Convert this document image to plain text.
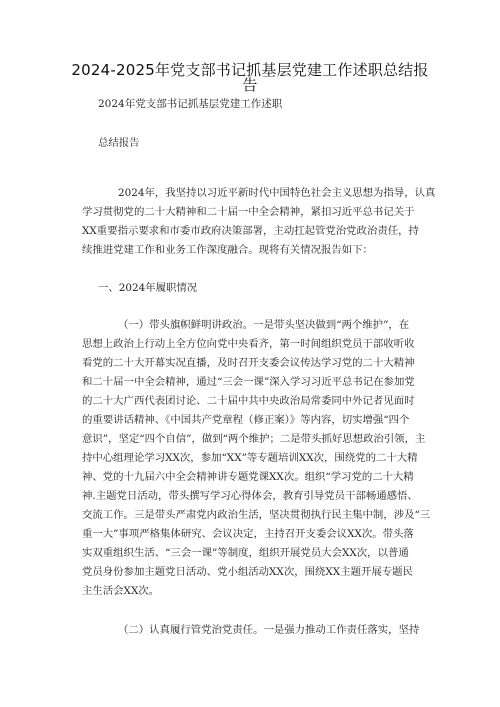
2024-2025年党支部书记抓基层党建工作述职总结报
告
2024年党支部书记抓基层党建工作述职
总结报告
2024年，我坚持以习近平新时代中国特色社会主义思想为指导，认真
学习贯彻党的二十大精神和二十届一中全会精神，紧扣习近平总书记关于
XX重要指示要求和市委市政府决策部署，主动扛起管党治党政治责任，持
续推进党建工作和业务工作深度融合。现将有关情况报告如下：
一、2024年履职情况
（一）带头旗帜鲜明讲政治。一是带头坚决做到“两个维护”，在
思想上政治上行动上全方位向党中央看齐，第一时间组织党员干部收听收
看党的二十大开幕实况直播，及时召开支委会议传达学习党的二十大精神
和二十届一中全会精神，通过“三会一课”深入学习习近平总书记在参加党
的二十大广西代表团讨论、二十届中共中央政治局常委同中外记者见面时
的重要讲话精神、《中国共产党章程（修正案）》等内容，切实增强“四个
意识”，坚定“四个自信”，做到“两个维护；二是带头抓好思想政治引领，主
持中心组理论学习XX次，参加“XX”等专题培训XX次，围绕党的二十大精
神、党的十九届六中全会精神讲专题党课XX次。组织“学习党的二十大精
神.主题党日活动，带头撰写学习心得体会，教育引导党员干部畅通感悟、
交流工作。三是带头严肃党内政治生活，坚决贯彻执行民主集中制，涉及“三
重一大”事项严格集体研究、会议决定，主持召开支委会议XX次。带头落
实双重组织生活、“三会一课”等制度，组织开展党员大会XX次，以普通
党员身份参加主题党日活动、党小组活动XX次，围绕XX主题开展专题民
主生活会XX次。
（二）认真履行管党治党责任。一是强力推动工作责任落实，坚持
